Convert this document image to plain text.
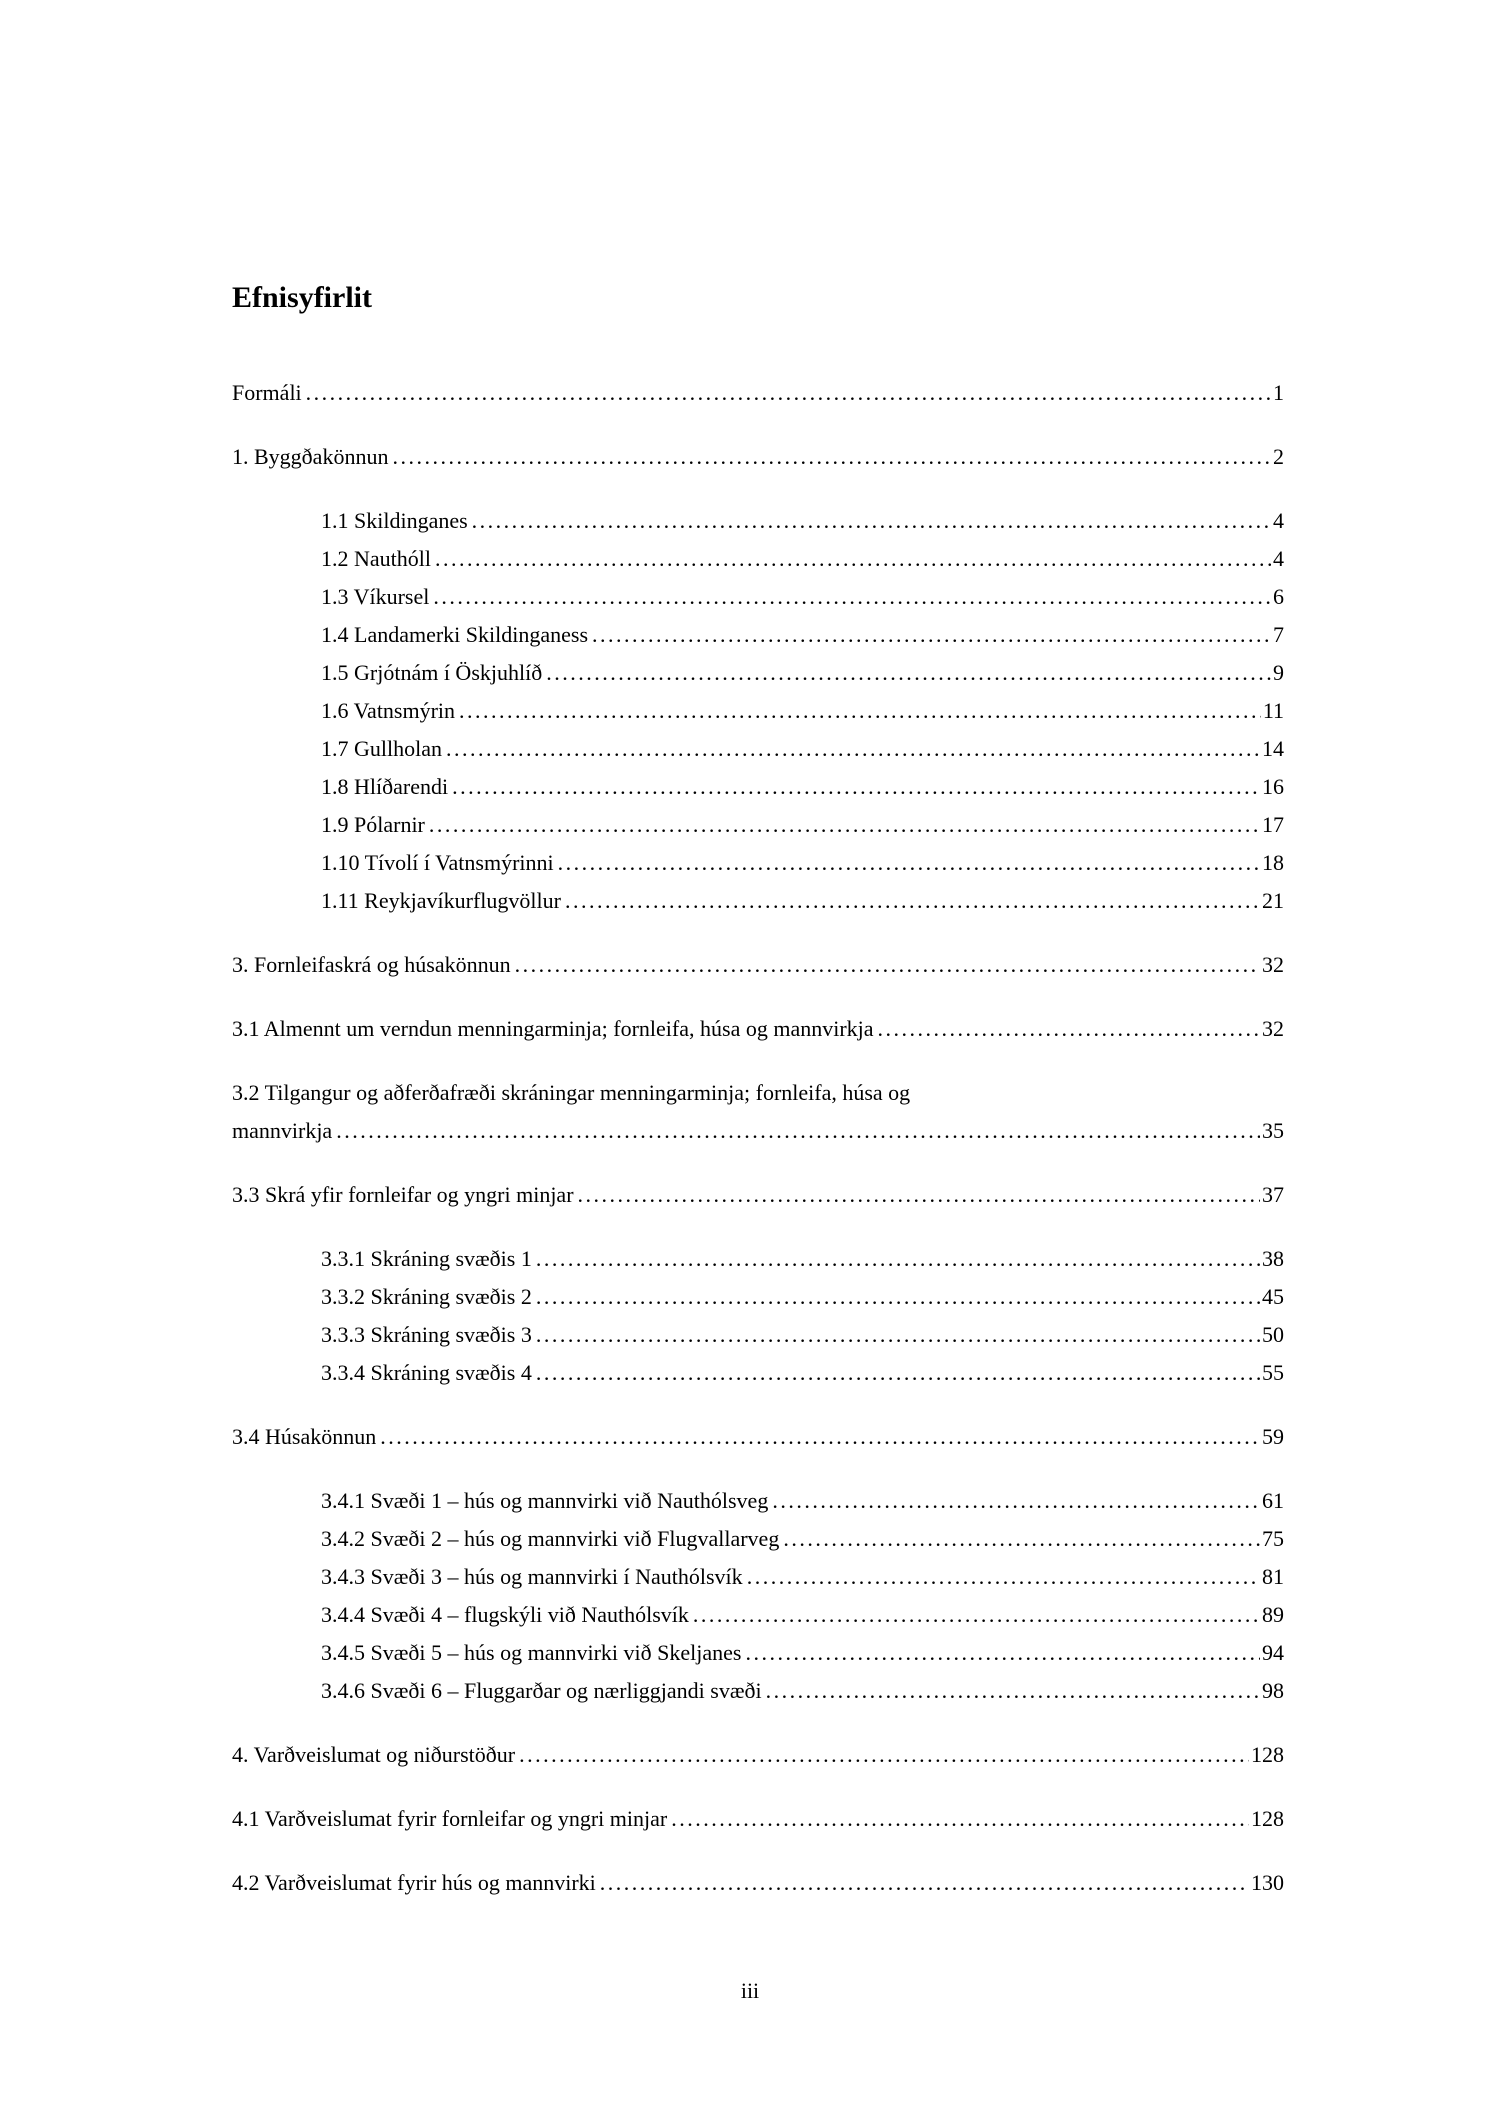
Efnisyfirlit
Formáli .....	1
1. Byggðakönnun .....	2
1.1 Skildinganes .....	4
1.2 Nauthóll .....	4
1.3 Víkursel .....	6
1.4 Landamerki Skildinganess .....	7
1.5 Grjótnám í Öskjuhlíð .....	9
1.6 Vatnsmýrin .....	11
1.7 Gullholan .....	14
1.8 Hlíðarendi .....	16
1.9 Pólarnir .....	17
1.10 Tívolí í Vatnsmýrinni .....	18
1.11 Reykjavíkurflugvöllur .....	21
3. Fornleifaskrá og húsakönnun .....	32
3.1 Almennt um verndun menningarminja; fornleifa, húsa og mannvirkja .....	32
3.2 Tilgangur og aðferðafræði skráningar menningarminja; fornleifa, húsa og
mannvirkja .....	35
3.3 Skrá yfir fornleifar og yngri minjar .....	37
3.3.1 Skráning svæðis 1 .....	38
3.3.2 Skráning svæðis 2 .....	45
3.3.3 Skráning svæðis 3 .....	50
3.3.4 Skráning svæðis 4 .....	55
3.4 Húsakönnun .....	59
3.4.1 Svæði 1 – hús og mannvirki við Nauthólsveg .....	61
3.4.2 Svæði 2 – hús og mannvirki við Flugvallarveg .....	75
3.4.3 Svæði 3 – hús og mannvirki í Nauthólsvík .....	81
3.4.4 Svæði 4 – flugskýli við Nauthólsvík .....	89
3.4.5 Svæði 5 – hús og mannvirki við Skeljanes .....	94
3.4.6 Svæði 6 – Fluggarðar og nærliggjandi svæði .....	98
4. Varðveislumat og niðurstöður .....	128
4.1 Varðveislumat fyrir fornleifar og yngri minjar .....	128
4.2 Varðveislumat fyrir hús og mannvirki .....	130
iii
